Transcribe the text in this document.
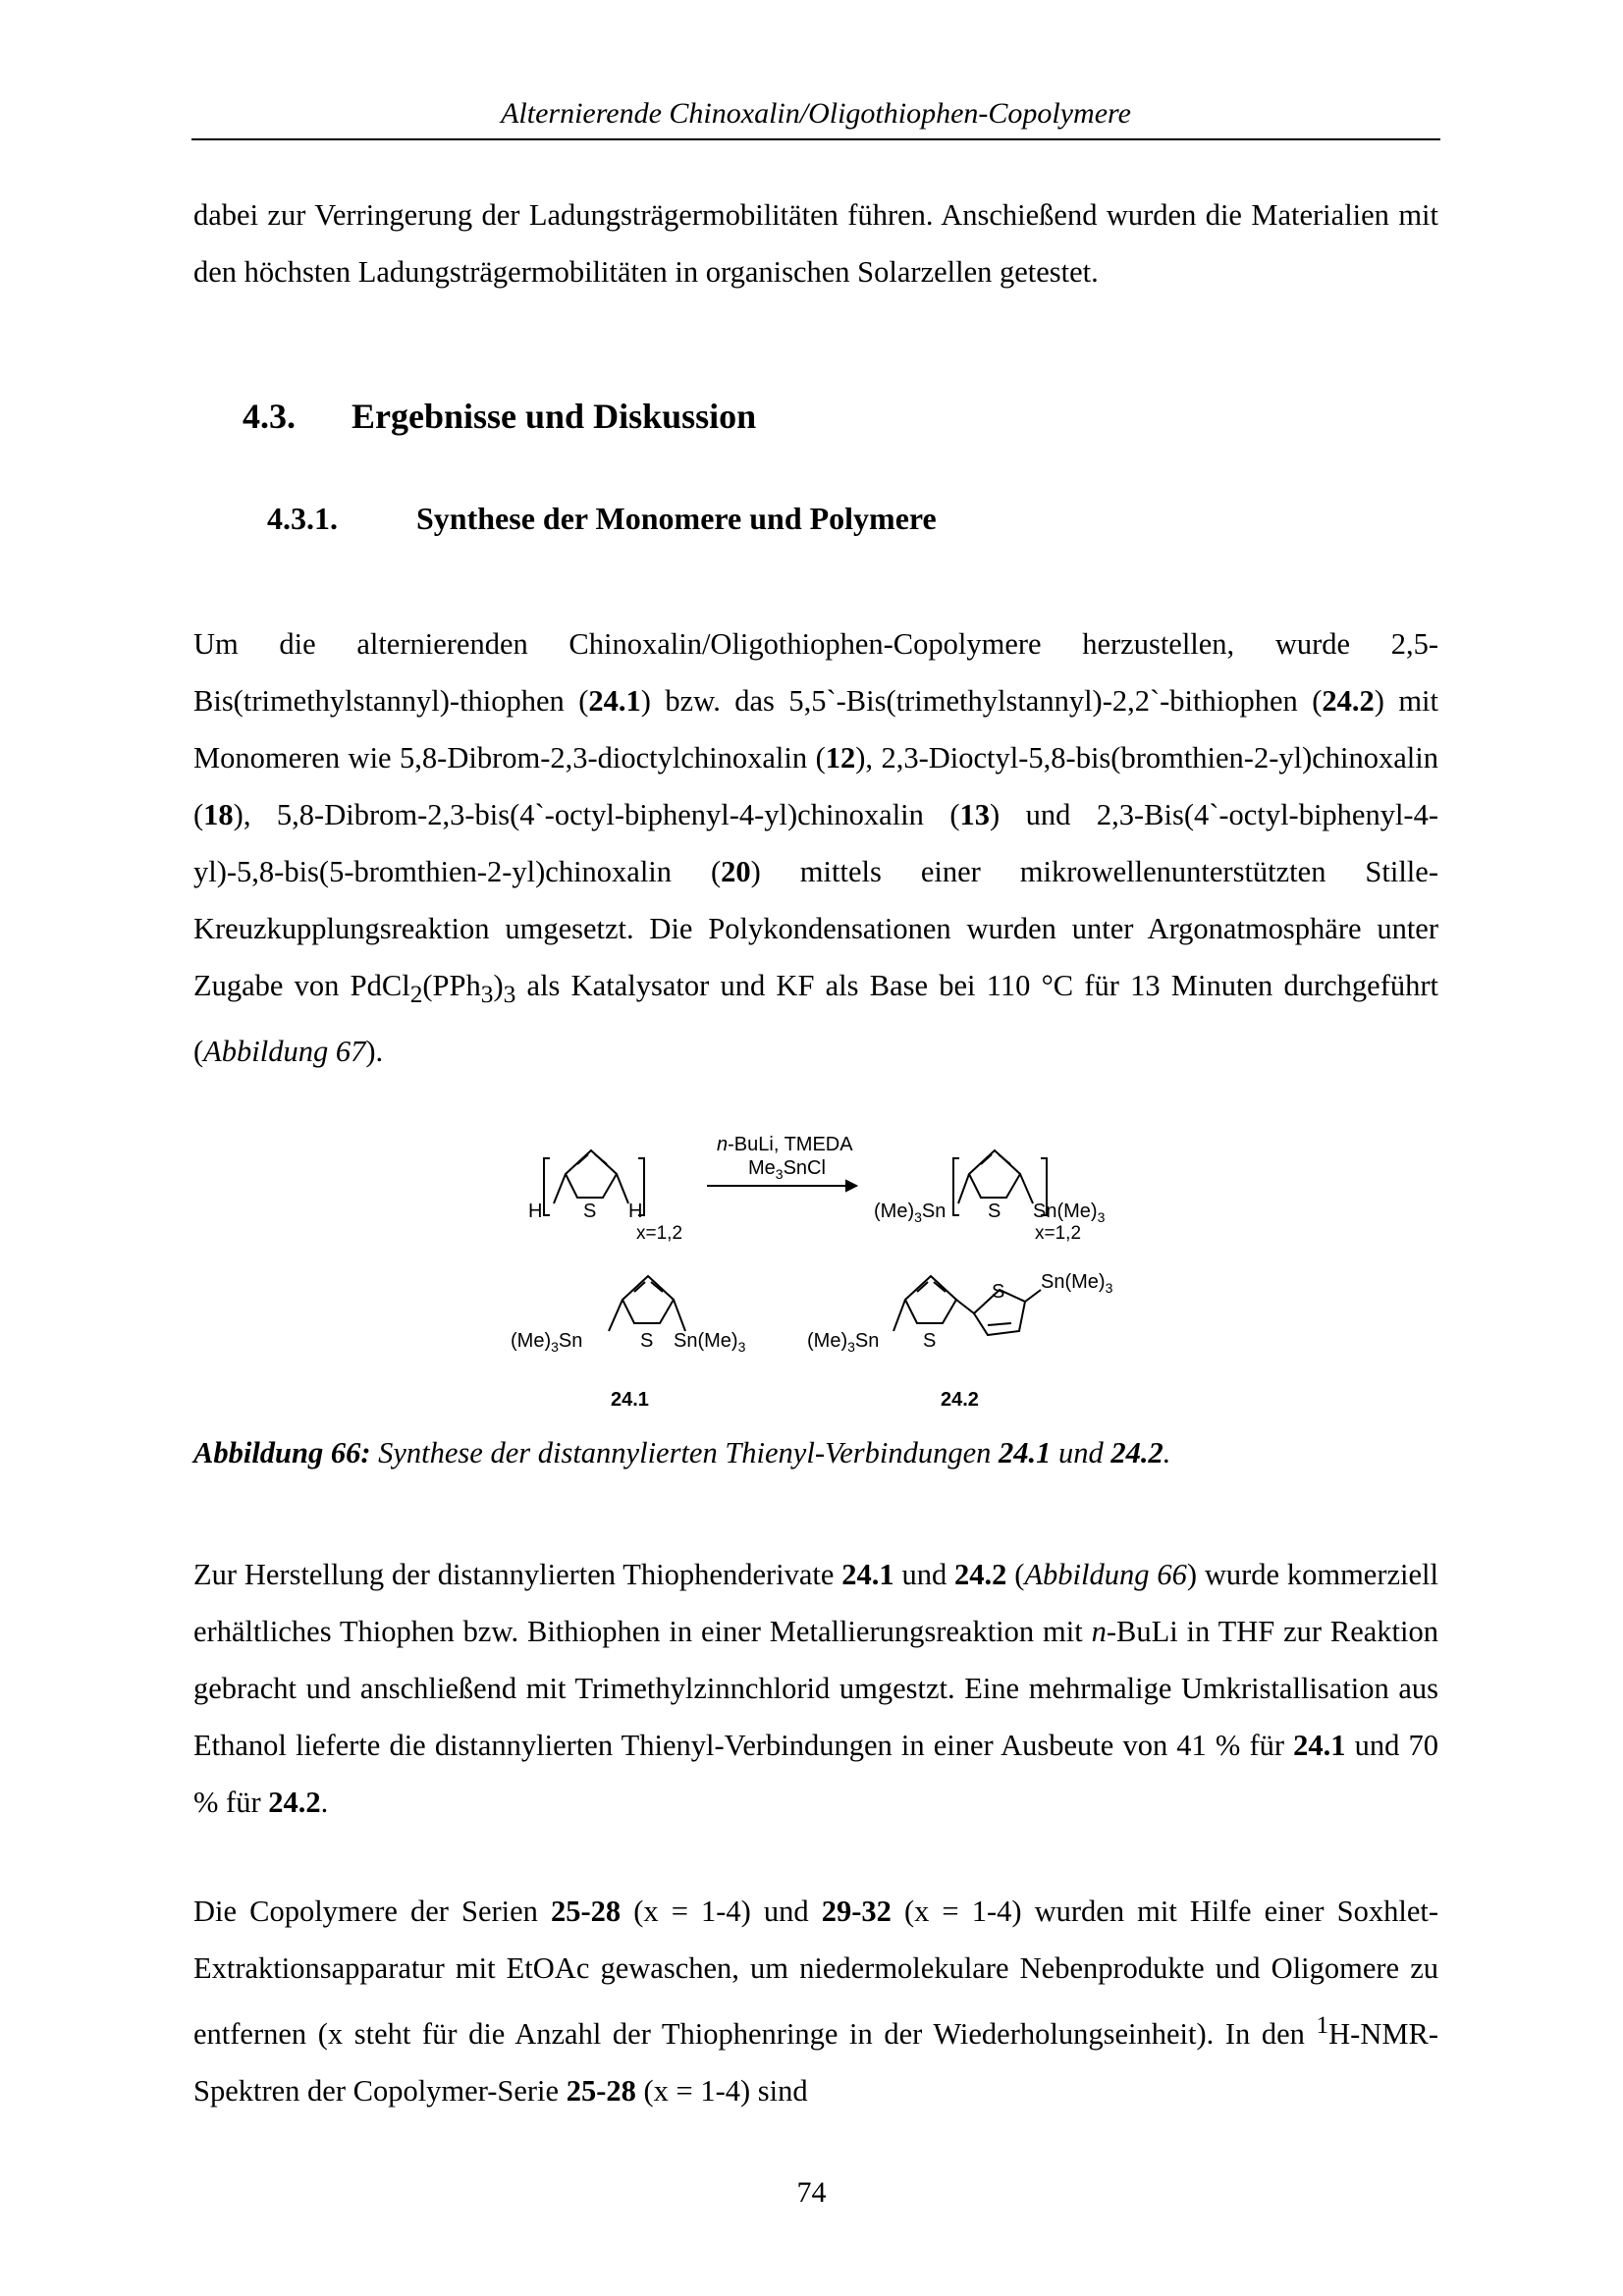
Alternierende Chinoxalin/Oligothiophen-Copolymere
dabei zur Verringerung der Ladungsträgermobilitäten führen. Anschießend wurden die Materialien mit den höchsten Ladungsträgermobilitäten in organischen Solarzellen getestet.
4.3. Ergebnisse und Diskussion
4.3.1.	Synthese der Monomere und Polymere
Um die alternierenden Chinoxalin/Oligothiophen-Copolymere herzustellen, wurde 2,5-Bis(trimethylstannyl)-thiophen (24.1) bzw. das 5,5`-Bis(trimethylstannyl)-2,2`-bithiophen (24.2) mit Monomeren wie 5,8-Dibrom-2,3-dioctylchinoxalin (12), 2,3-Dioctyl-5,8-bis(bromthien-2-yl)chinoxalin (18), 5,8-Dibrom-2,3-bis(4`-octyl-biphenyl-4-yl)chinoxalin (13) und 2,3-Bis(4`-octyl-biphenyl-4-yl)-5,8-bis(5-bromthien-2-yl)chinoxalin (20) mittels einer mikrowellenunterstützten Stille-Kreuzkupplungsreaktion umgesetzt. Die Polykondensationen wurden unter Argonatmosphäre unter Zugabe von $PdCl_2(PPh_3)_3$ als Katalysator und KF als Base bei 110 °C für 13 Minuten durchgeführt (Abbildung 67).
H S H
x=1,2
n-BuLi, TMEDA
$Me_3SnCl$
$(Me)_3Sn$ S $Sn(Me)_3$
x=1,2
$(Me)_3Sn$	S $Sn(Me)_3$
24.1
$(Me)_3Sn$ S
S $Sn(Me)_3$
24.2
Abbildung 66: Synthese der distannylierten Thienyl-Verbindungen 24.1 und 24.2.
Zur Herstellung der distannylierten Thiophenderivate 24.1 und 24.2 (Abbildung 66) wurde kommerziell erhältliches Thiophen bzw. Bithiophen in einer Metallierungsreaktion mit n-BuLi in THF zur Reaktion gebracht und anschließend mit Trimethylzinnchlorid umgestzt. Eine mehrmalige Umkristallisation aus Ethanol lieferte die distannylierten Thienyl-Verbindungen in einer Ausbeute von 41 % für 24.1 und 70 % für 24.2.
Die Copolymere der Serien 25-28 (x = 1-4) und 29-32 (x = 1-4) wurden mit Hilfe einer Soxhlet-Extraktionsapparatur mit EtOAc gewaschen, um niedermolekulare Nebenprodukte und Oligomere zu entfernen (x steht für die Anzahl der Thiophenringe in der Wiederholungseinheit). In den $^1$H-NMR-Spektren der Copolymer-Serie 25-28 (x = 1-4) sind
74
